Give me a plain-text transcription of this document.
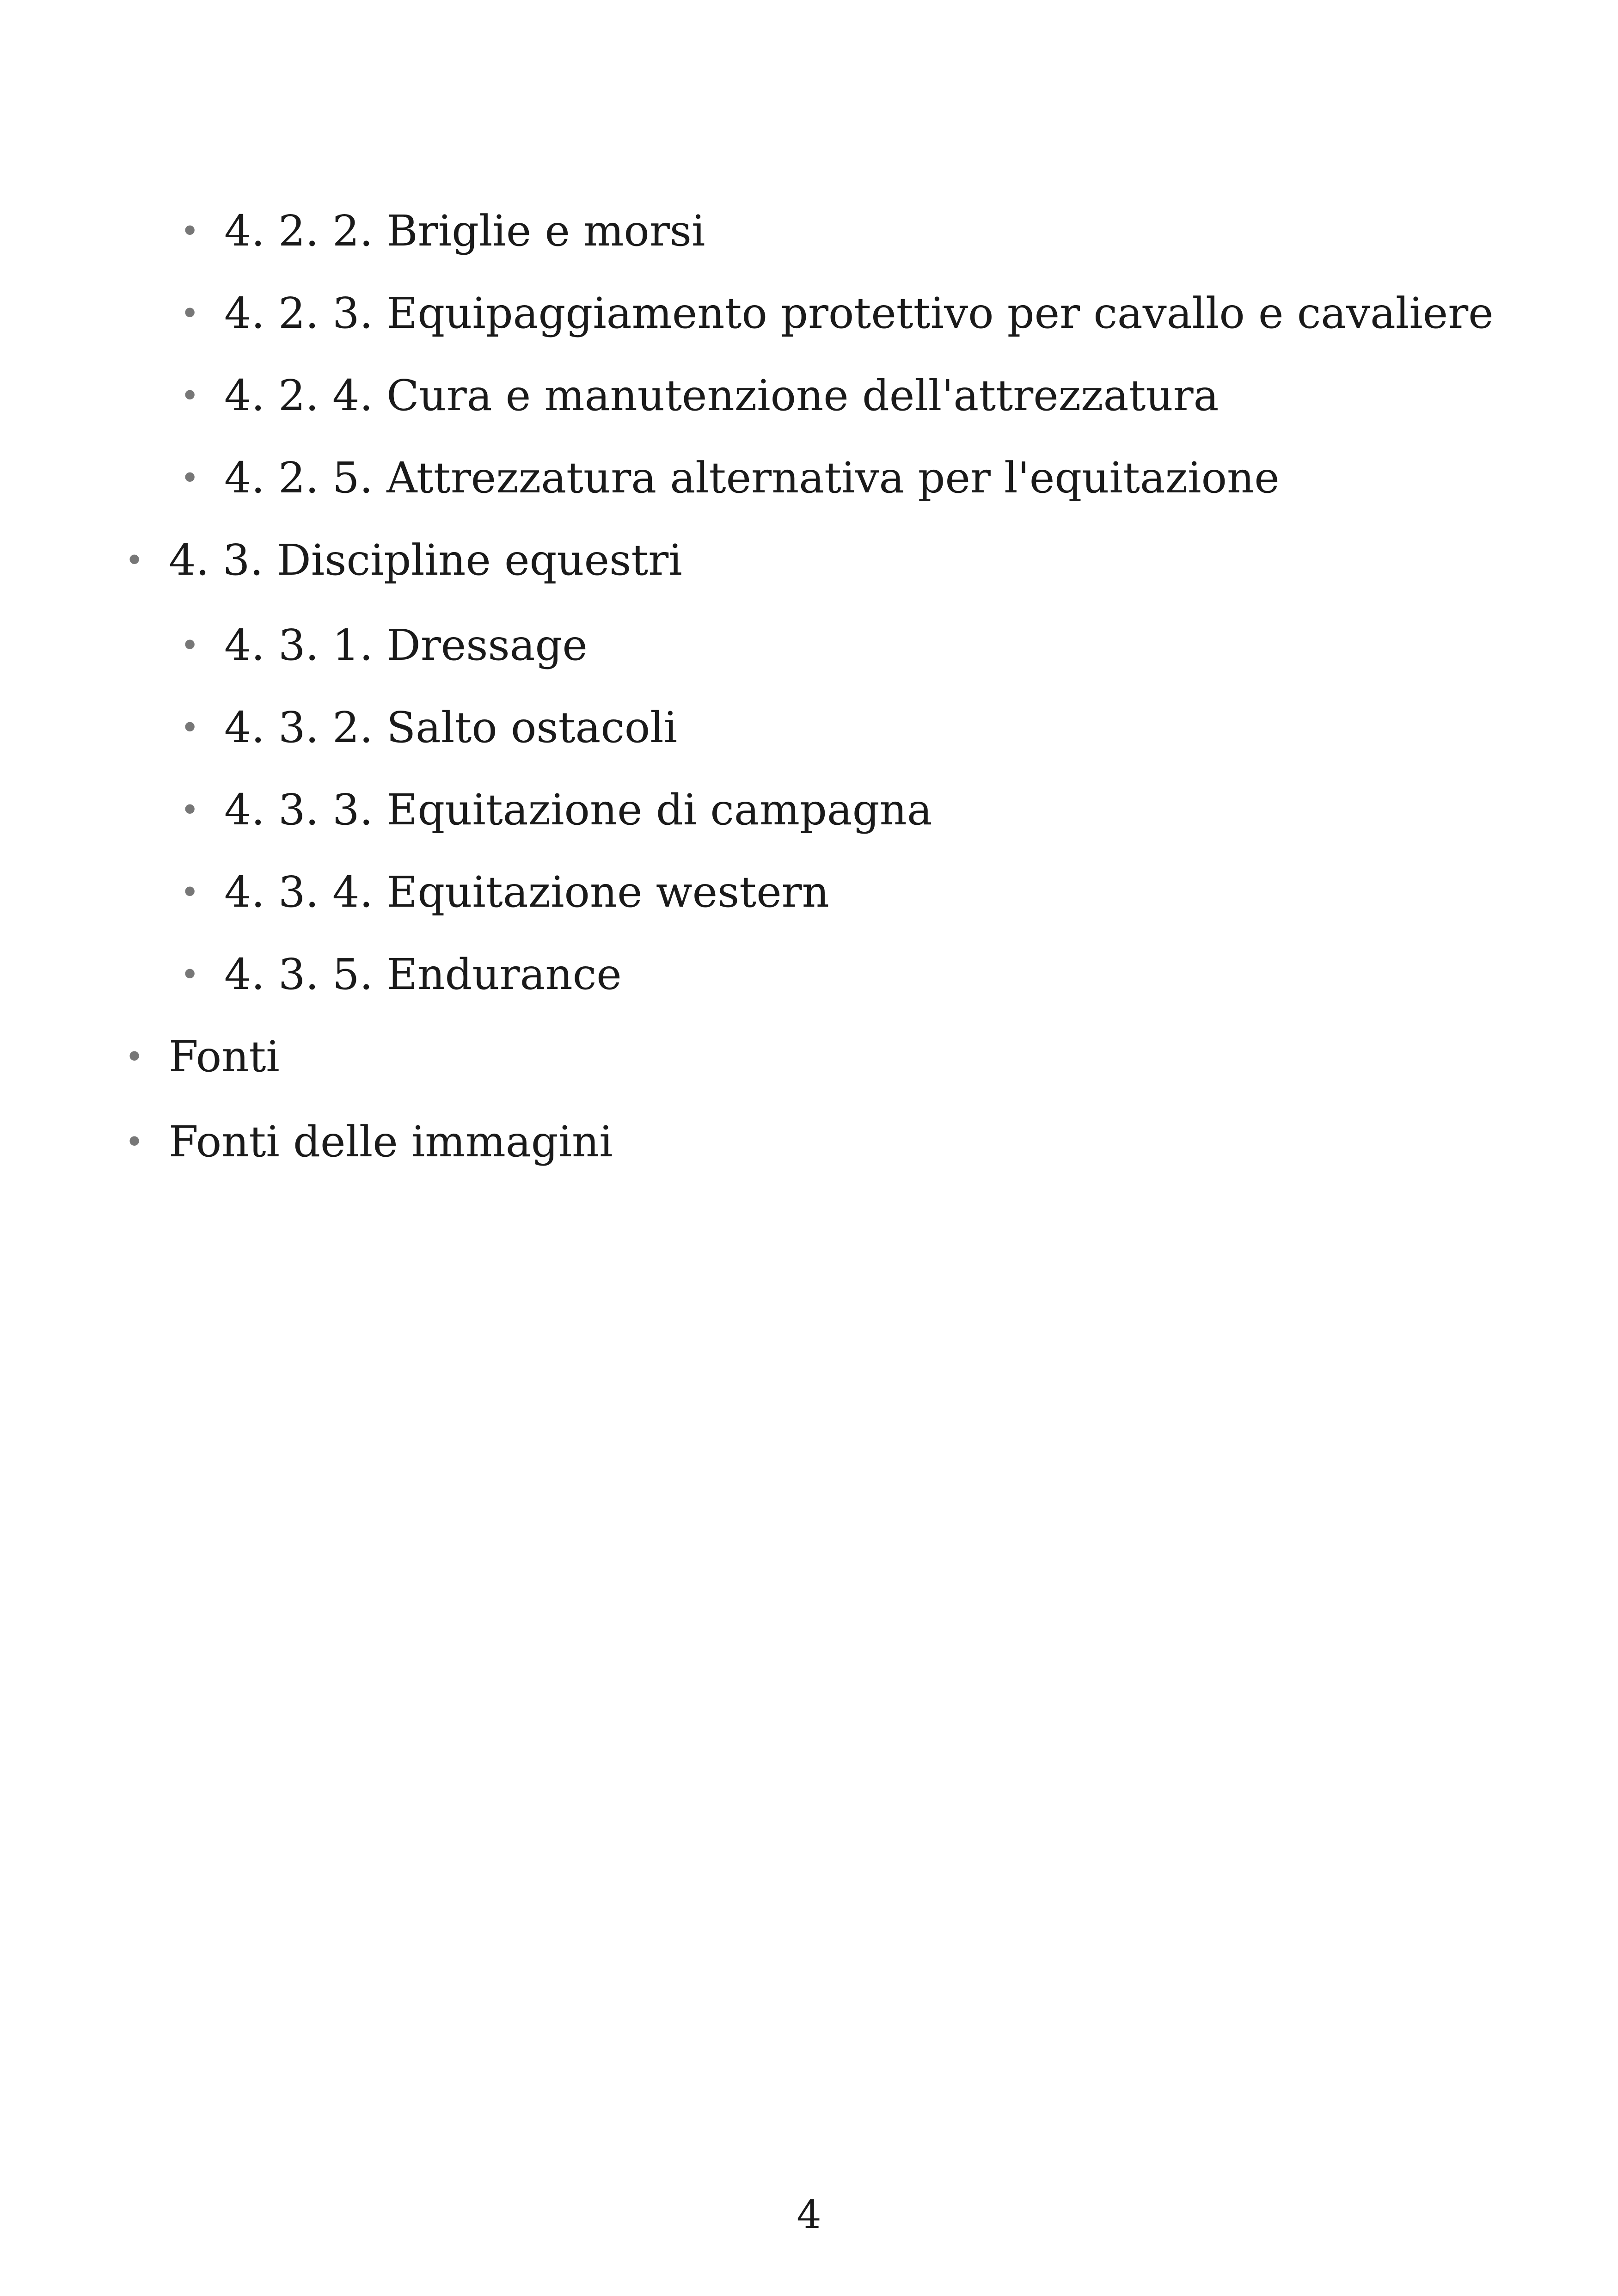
• 4. 2. 2. Briglie e morsi
• 4. 2. 3. Equipaggiamento protettivo per cavallo e cavaliere
• 4. 2. 4. Cura e manutenzione dell'attrezzatura
• 4. 2. 5. Attrezzatura alternativa per l'equitazione
• 4. 3. Discipline equestri
• 4. 3. 1. Dressage
• 4. 3. 2. Salto ostacoli
• 4. 3. 3. Equitazione di campagna
• 4. 3. 4. Equitazione western
• 4. 3. 5. Endurance
• Fonti
• Fonti delle immagini
4
